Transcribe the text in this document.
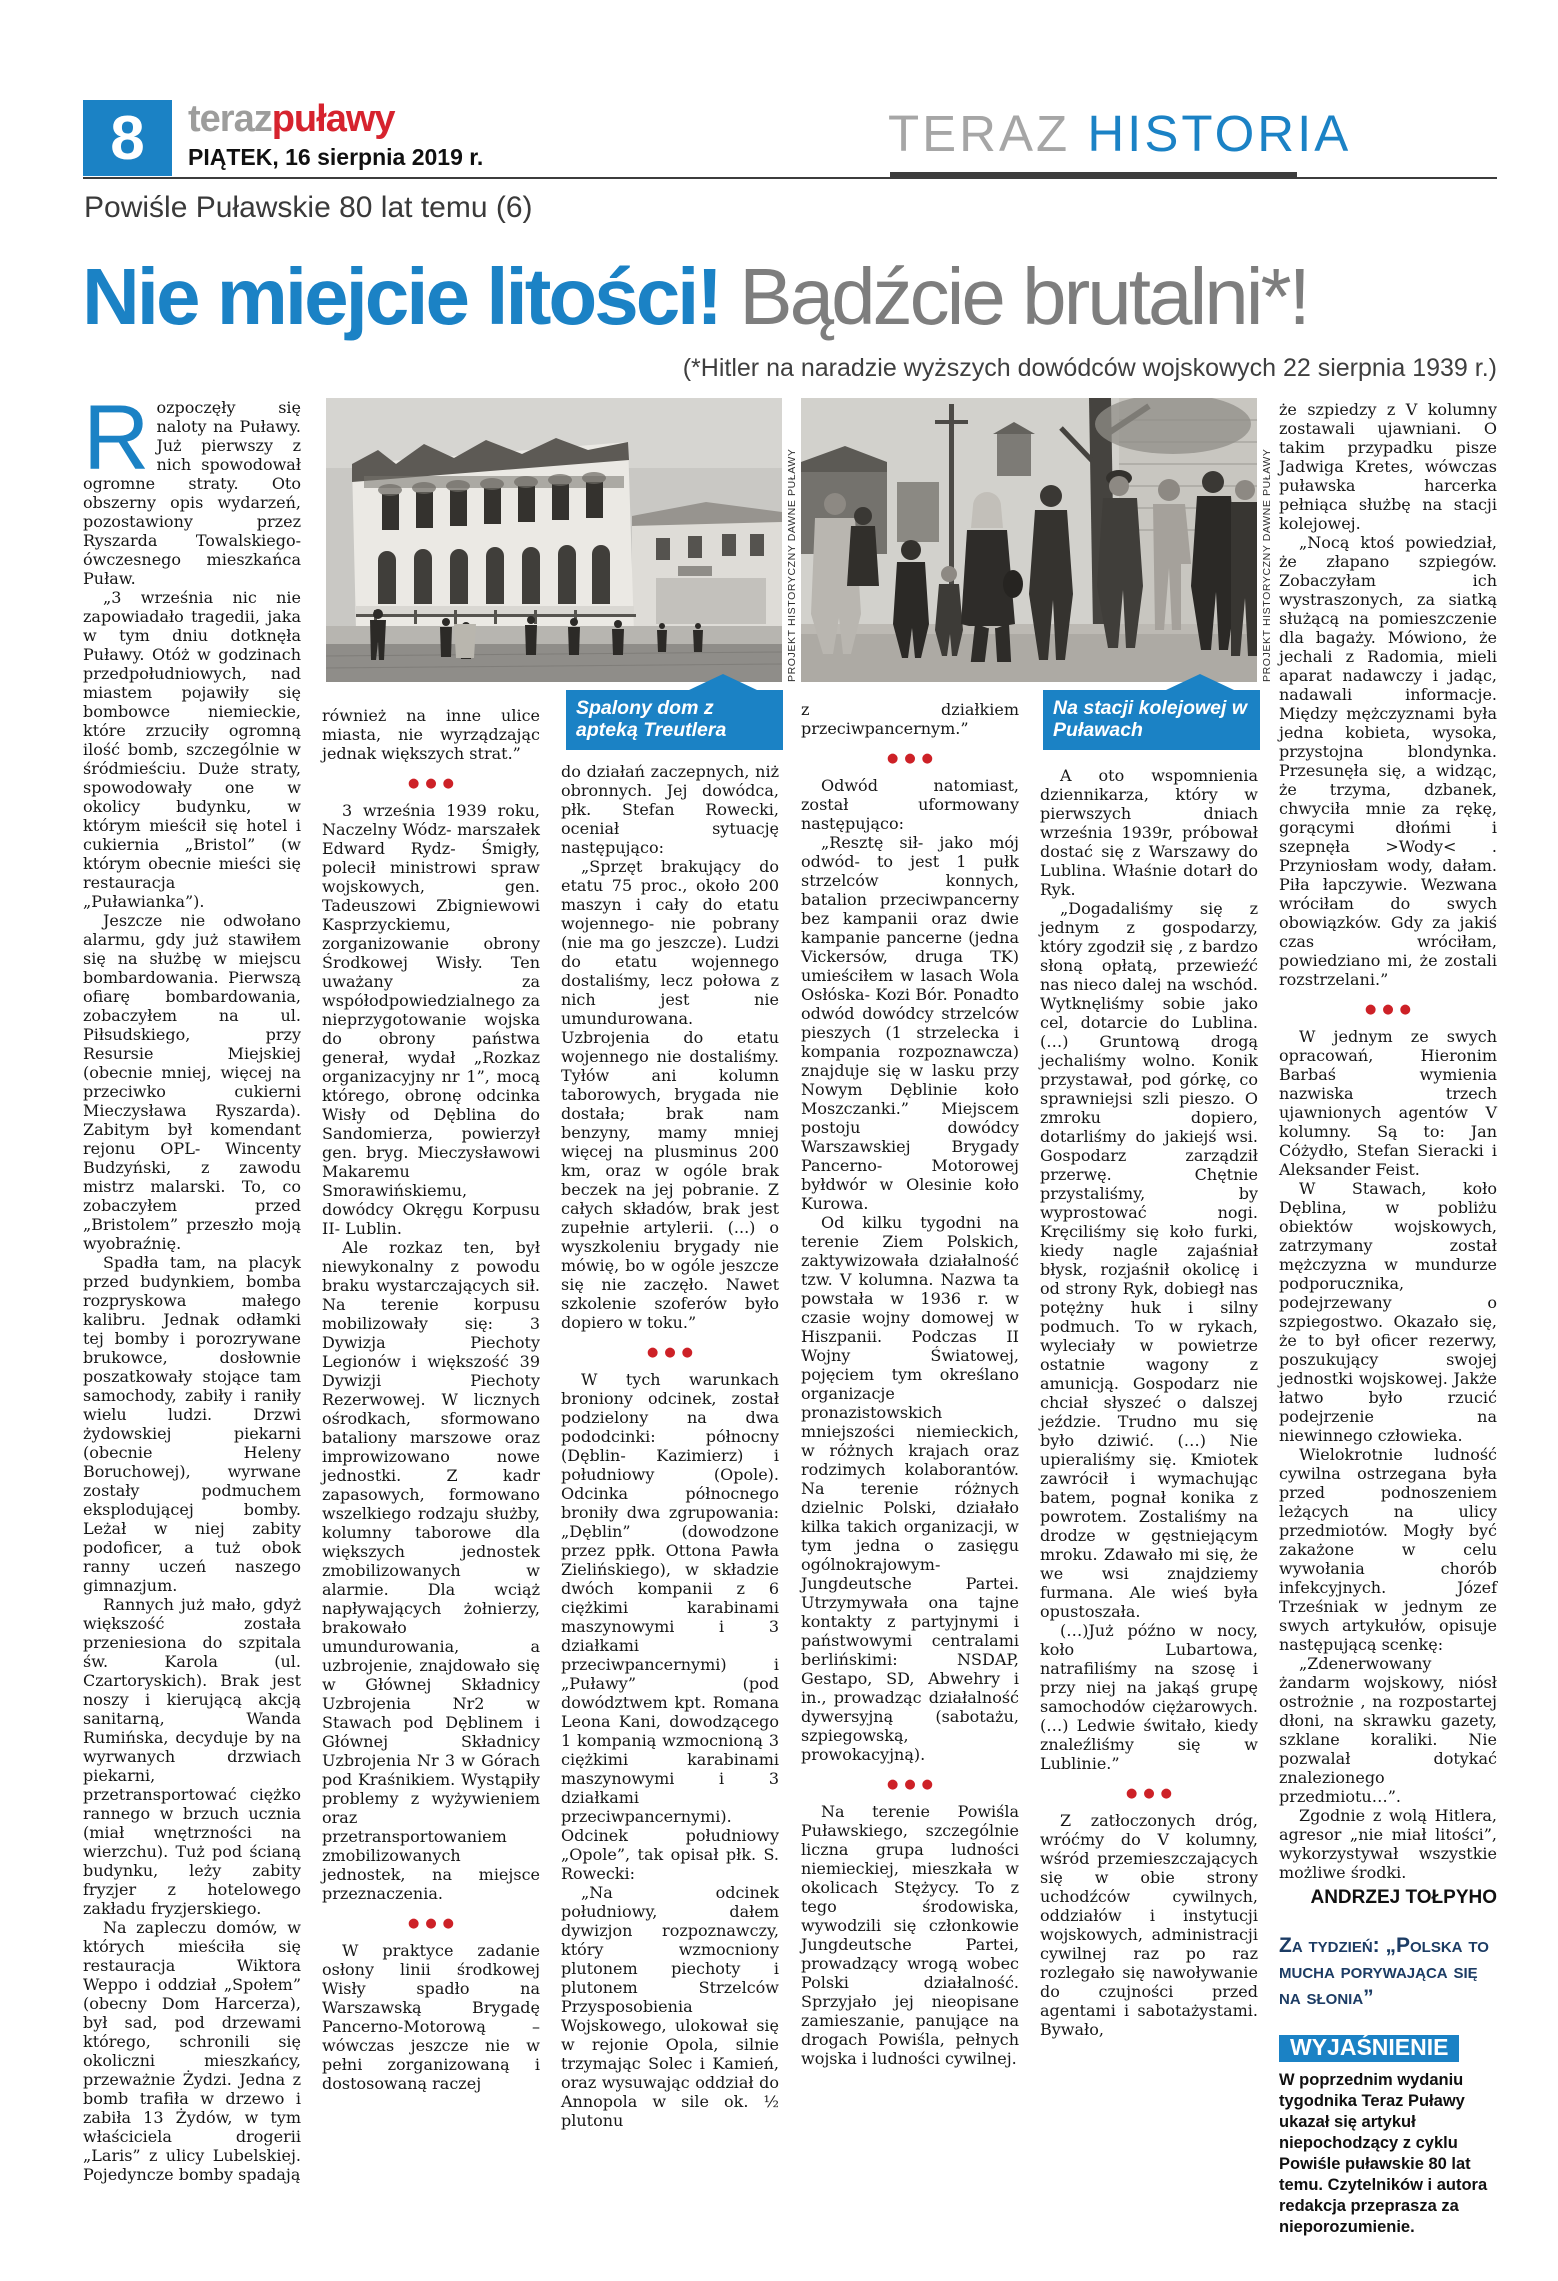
8 terazpuławy
PIĄTEK, 16 sierpnia 2019 r.	TERAZ HISTORIA
Powiśle Puławskie 80 lat temu (6)
Nie miejcie litości! Bądźcie brutalni*!
(*Hitler na naradzie wyższych dowódców wojskowych 22 sierpnia 1939 r.)
PROJEKT HISTORYCZNY DAWNE PUŁAWY	PROJEKT HISTORYCZNY DAWNE PUŁAWY
Spalony dom z apteką Treutlera
Na stacji kolejowej w Puławach

Rozpoczęły się naloty na Puławy. Już pierwszy z nich spowodował ogromne straty. Oto obszerny opis wydarzeń, pozostawiony przez Ryszarda Towalskiego- ówczesnego mieszkańca Puław.

„3 września nic nie zapowiadało tragedii, jaka w tym dniu dotknęła Puławy. Otóż w godzinach przedpołudniowych, nad miastem pojawiły się bombowce niemieckie, które zrzuciły ogromną ilość bomb, szczególnie w śródmieściu. Duże straty, spowodowały one w okolicy budynku, w którym mieścił się hotel i cukiernia „Bristol” (w którym obecnie mieści się restauracja „Puławianka”).

Jeszcze nie odwołano alarmu, gdy już stawiłem się na służbę w miejscu bombardowania. Pierwszą ofiarę bombardowania, zobaczyłem na ul. Piłsudskiego, przy Resursie Miejskiej (obecnie mniej, więcej na przeciwko cukierni Mieczysława Ryszarda). Zabitym był komendant rejonu OPL- Wincenty Budzyński, z zawodu mistrz malarski. To, co zobaczyłem przed „Bristolem” przeszło moją wyobraźnię.

Spadła tam, na placyk przed budynkiem, bomba rozpryskowa małego kalibru. Jednak odłamki tej bomby i porozrywane brukowce, dosłownie poszatkowały stojące tam samochody, zabiły i raniły wielu ludzi. Drzwi żydowskiej piekarni (obecnie Heleny Boruchowej), wyrwane zostały podmuchem eksplodującej bomby. Leżał w niej zabity podoficer, a tuż obok ranny uczeń naszego gimnazjum.

Rannych już mało, gdyż większość została przeniesiona do szpitala św. Karola (ul. Czartoryskich). Brak jest noszy i kierującą akcją sanitarną, Wanda Rumińska, decyduje by na wyrwanych drzwiach piekarni, przetransportować ciężko rannego w brzuch ucznia (miał wnętrzności na wierzchu). Tuż pod ścianą budynku, leży zabity fryzjer z hotelowego zakładu fryzjerskiego.

Na zapleczu domów, w których mieściła się restauracja Wiktora Weppo i oddział „Społem” (obecny Dom Harcerza), był sad, pod drzewami którego, schronili się okoliczni mieszkańcy, przeważnie Żydzi. Jedna z bomb trafiła w drzewo i zabiła 13 Żydów, w tym właściciela drogerii „Laris” z ulicy Lubelskiej. Pojedyncze bomby spadają

również na inne ulice miasta, nie wyrządzając jednak większych strat.”

●●●

3 września 1939 roku, Naczelny Wódz- marszałek Edward Rydz- Śmigły, polecił ministrowi spraw wojskowych, gen. Tadeuszowi Zbigniewowi Kasprzyckiemu, zorganizowanie obrony Środkowej Wisły. Ten uważany za współodpowiedzialnego za nieprzygotowanie wojska do obrony państwa generał, wydał „Rozkaz organizacyjny nr 1”, mocą którego, obronę odcinka Wisły od Dęblina do Sandomierza, powierzył gen. bryg. Mieczysławowi Makaremu Smorawińskiemu, dowódcy Okręgu Korpusu II- Lublin.

Ale rozkaz ten, był niewykonalny z powodu braku wystarczających sił. Na terenie korpusu mobilizowały się: 3 Dywizja Piechoty Legionów i większość 39 Dywizji Piechoty Rezerwowej. W licznych ośrodkach, sformowano bataliony marszowe oraz improwizowano nowe jednostki. Z kadr zapasowych, formowano wszelkiego rodzaju służby, kolumny taborowe dla większych jednostek zmobilizowanych w alarmie. Dla wciąż napływających żołnierzy, brakowało umundurowania, a uzbrojenie, znajdowało się w Głównej Składnicy Uzbrojenia Nr2 w Stawach pod Dęblinem i Głównej Składnicy Uzbrojenia Nr 3 w Górach pod Kraśnikiem. Wystąpiły problemy z wyżywieniem oraz przetransportowaniem zmobilizowanych jednostek, na miejsce przeznaczenia.

●●●

W praktyce zadanie osłony linii środkowej Wisły spadło na Warszawską Brygadę Pancerno-Motorową – wówczas jeszcze nie w pełni zorganizowaną i dostosowaną raczej

do działań zaczepnych, niż obronnych. Jej dowódca, płk. Stefan Rowecki, oceniał sytuację następująco:

„Sprzęt brakujący do etatu 75 proc., około 200 maszyn i cały do etatu wojennego- nie pobrany (nie ma go jeszcze). Ludzi do etatu wojennego dostaliśmy, lecz połowa z nich jest nie umundurowana. Uzbrojenia do etatu wojennego nie dostaliśmy. Tyłów ani kolumn taborowych, brygada nie dostała; brak nam benzyny, mamy mniej więcej na plusminus 200 km, oraz w ogóle brak beczek na jej pobranie. Z całych składów, brak jest zupełnie artylerii. (...) o wyszkoleniu brygady nie mówię, bo w ogóle jeszcze się nie zaczęło. Nawet szkolenie szoferów było dopiero w toku.”

●●●

W tych warunkach broniony odcinek, został podzielony na dwa pododcinki: północny (Dęblin- Kazimierz) i południowy (Opole). Odcinka północnego broniły dwa zgrupowania: „Dęblin” (dowodzone przez ppłk. Ottona Pawła Zielińskiego), w składzie dwóch kompanii z 6 ciężkimi karabinami maszynowymi i 3 działkami przeciwpancernymi) i „Puławy” (pod dowództwem kpt. Romana Leona Kani, dowodzącego 1 kompanią wzmocnioną 3 ciężkimi karabinami maszynowymi i 3 działkami przeciwpancernymi). Odcinek południowy „Opole”, tak opisał płk. S. Rowecki:

„Na odcinek południowy, dałem dywizjon rozpoznawczy, który wzmocniony plutonem piechoty i plutonem Strzelców Przysposobienia Wojskowego, ulokował się w rejonie Opola, silnie trzymając Solec i Kamień, oraz wysuwając oddział do Annopola w sile ok. ½ plutonu

z działkiem przeciwpancernym.”

●●●

Odwód natomiast, został uformowany następująco:

„Resztę sił- jako mój odwód- to jest 1 pułk strzelców konnych, batalion przeciwpancerny bez kampanii oraz dwie kampanie pancerne (jedna Vickersów, druga TK) umieściłem w lasach Wola Osłóska- Kozi Bór. Ponadto odwód dowódcy strzelców pieszych (1 strzelecka i kompania rozpoznawcza) znajduje się w lasku przy Nowym Dęblinie koło Moszczanki.” Miejscem postoju dowódcy Warszawskiej Brygady Pancerno- Motorowej byłdwór w Olesinie koło Kurowa.

Od kilku tygodni na terenie Ziem Polskich, zaktywizowała działalność tzw. V kolumna. Nazwa ta powstała w 1936 r. w czasie wojny domowej w Hiszpanii. Podczas II Wojny Światowej, pojęciem tym określano organizacje pronazistowskich mniejszości niemieckich, w różnych krajach oraz rodzimych kolaborantów. Na terenie różnych dzielnic Polski, działało kilka takich organizacji, w tym jedna o zasięgu ogólnokrajowym- Jungdeutsche Partei. Utrzymywała ona tajne kontakty z partyjnymi i państwowymi centralami berlińskimi: NSDAP, Gestapo, SD, Abwehry i in., prowadząc działalność dywersyjną (sabotażu, szpiegowską, prowokacyjną).

●●●

Na terenie Powiśla Puławskiego, szczególnie liczna grupa ludności niemieckiej, mieszkała w okolicach Stężycy. To z tego środowiska, wywodzili się członkowie Jungdeutsche Partei, prowadzący wrogą wobec Polski działalność. Sprzyjało jej nieopisane zamieszanie, panujące na drogach Powiśla, pełnych wojska i ludności cywilnej.

A oto wspomnienia dziennikarza, który w pierwszych dniach września 1939r, próbował dostać się z Warszawy do Lublina. Właśnie dotarł do Ryk.

„Dogadaliśmy się z jednym z gospodarzy, który zgodził się , z bardzo słoną opłatą, przewieźć nas nieco dalej na wschód. Wytknęliśmy sobie jako cel, dotarcie do Lublina. (…) Gruntową drogą jechaliśmy wolno. Konik przystawał, pod górkę, co sprawniejsi szli pieszo. O zmroku dopiero, dotarliśmy do jakiejś wsi. Gospodarz zarządził przerwę. Chętnie przystaliśmy, by wyprostować nogi. Kręciliśmy się koło furki, kiedy nagle zajaśniał błysk, rozjaśnił okolicę i od strony Ryk, dobiegł nas potężny huk i silny podmuch. To w rykach, wyleciały w powietrze ostatnie wagony z amunicją. Gospodarz nie chciał słyszeć o dalszej jeździe. Trudno mu się było dziwić. (…) Nie upieraliśmy się. Kmiotek zawrócił i wymachując batem, pognał konika z powrotem. Zostaliśmy na drodze w gęstniejącym mroku. Zdawało mi się, że we wsi znajdziemy furmana. Ale wieś była opustoszała.

(…)Już późno w nocy, koło Lubartowa, natrafiliśmy na szosę i przy niej na jakąś grupę samochodów ciężarowych. (…) Ledwie świtało, kiedy znaleźliśmy się w Lublinie.”

●●●

Z zatłoczonych dróg, wróćmy do V kolumny, wśród przemieszczających się w obie strony uchodźców cywilnych, oddziałów i instytucji wojskowych, administracji cywilnej raz po raz rozlegało się nawoływanie do czujności przed agentami i sabotażystami. Bywało,

że szpiedzy z V kolumny zostawali ujawniani. O takim przypadku pisze Jadwiga Kretes, wówczas puławska harcerka pełniąca służbę na stacji kolejowej.

„Nocą ktoś powiedział, że złapano szpiegów. Zobaczyłam ich wystraszonych, za siatką służącą na pomieszczenie dla bagaży. Mówiono, że jechali z Radomia, mieli aparat nadawczy i jadąc, nadawali informacje. Między mężczyznami była jedna kobieta, wysoka, przystojna blondynka. Przesunęła się, a widząc, że trzyma, dzbanek, chwyciła mnie za rękę, gorącymi dłońmi i szepnęła >Wody< . Przyniosłam wody, dałam. Piła łapczywie. Wezwana wróciłam do swych obowiązków. Gdy za jakiś czas wróciłam, powiedziano mi, że zostali rozstrzelani.”

●●●

W jednym ze swych opracowań, Hieronim Barbaś wymienia nazwiska trzech ujawnionych agentów V kolumny. Są to: Jan Cóżydło, Stefan Sieracki i Aleksander Feist.

W Stawach, koło Dęblina, w pobliżu obiektów wojskowych, zatrzymany został mężczyzna w mundurze podporucznika, podejrzewany o szpiegostwo. Okazało się, że to był oficer rezerwy, poszukujący swojej jednostki wojskowej. Jakże łatwo było rzucić podejrzenie na niewinnego człowieka.

Wielokrotnie ludność cywilna ostrzegana była przed podnoszeniem leżących na ulicy przedmiotów. Mogły być zakażone w celu wywołania chorób infekcyjnych. Józef Trześniak w jednym ze swych artykułów, opisuje następującą scenkę:

„Zdenerwowany żandarm wojskowy, niósł ostrożnie , na rozpostartej dłoni, na skrawku gazety, szklane koraliki. Nie pozwalał dotykać znalezionego przedmiotu…”.

Zgodnie z wolą Hitlera, agresor „nie miał litości”, wykorzystywał wszystkie możliwe środki.

ANDRZEJ TOŁPYHO
Za tydzień: „Polska to mucha porywająca się na słonia”
WYJAŚNIENIE
W poprzednim wydaniu tygodnika Teraz Puławy ukazał się artykuł niepochodzący z cyklu Powiśle puławskie 80 lat temu. Czytelników i autora redakcja przeprasza za nieporozumienie.
